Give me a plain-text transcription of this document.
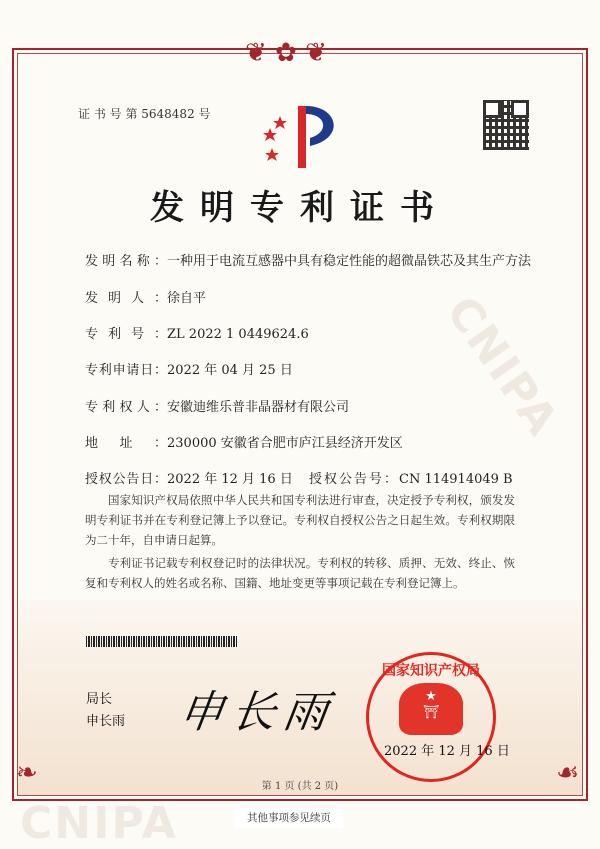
❦ ✿ ❦
❧	☙
CNIPA
CNIPA
证 书 号 第 5648482 号
发明专利证书
发明名称：一种用于电流互感器中具有稳定性能的超微晶铁芯及其生产方法
发明人：徐自平
专利号：ZL 2022 1 0449624.6
专利申请日：2022 年 04 月 25 日
专利权人：安徽迪维乐普非晶器材有限公司
地址：230000 安徽省合肥市庐江县经济开发区
授权公告日：2022 年 12 月 16 日 授权公告号：CN 114914049 B

国家知识产权局依照中华人民共和国专利法进行审查，决定授予专利权，颁发发明专利证书并在专利登记簿上予以登记。专利权自授权公告之日起生效。专利权期限为二十年，自申请日起算。

专利证书记载专利权登记时的法律状况。专利权的转移、质押、无效、终止、恢复和专利权人的姓名或名称、国籍、地址变更等事项记载在专利登记簿上。

局长
申长雨 申长雨
国家知识产权局
★
⛩
2022 年 12 月 16 日
第 1 页 (共 2 页)
其他事项参见续页
